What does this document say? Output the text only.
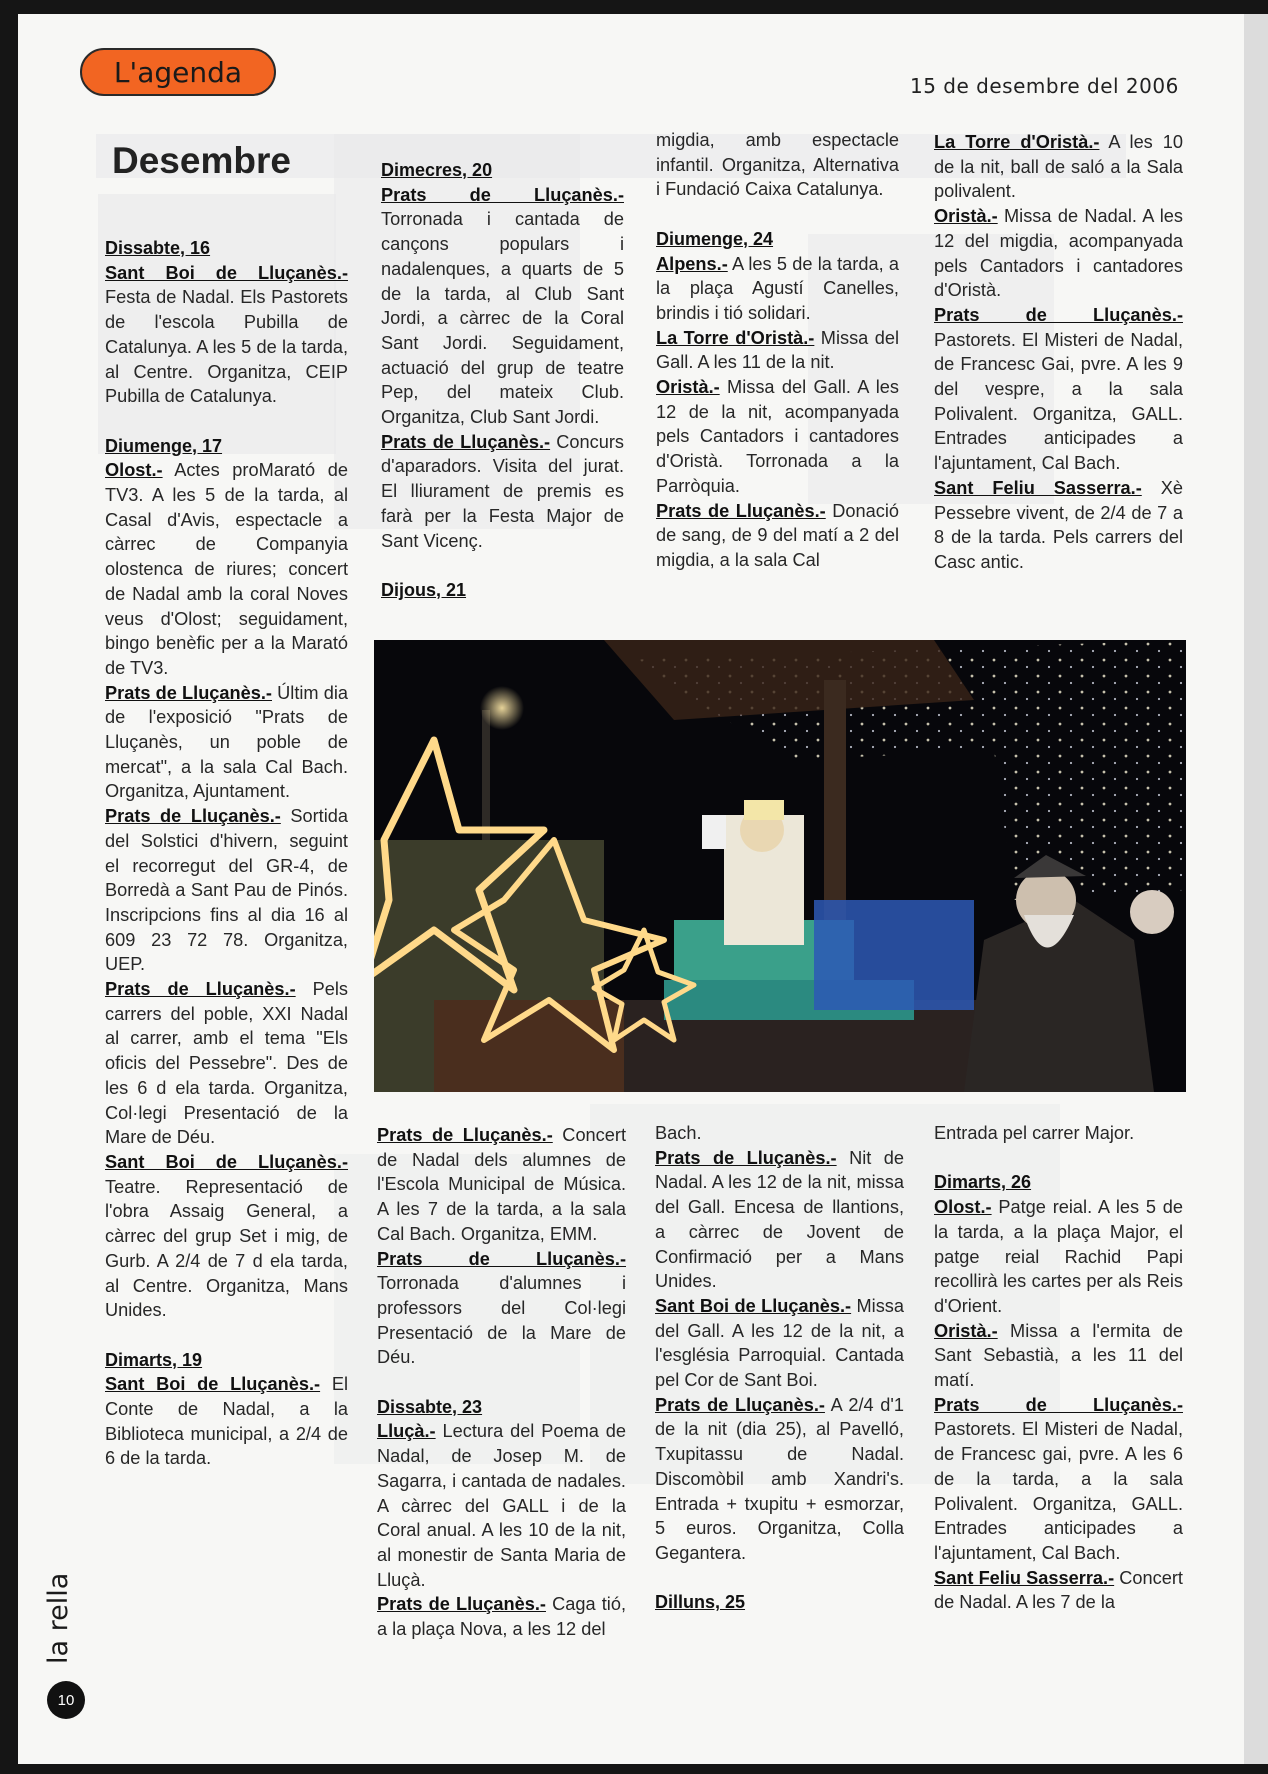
L'agenda	15 de desembre del 2006
Desembre
Dissabte, 16
Sant Boi de Lluçanès.- Festa de Nadal. Els Pastorets de l'escola Pubilla de Catalunya. A les 5 de la tarda, al Centre. Organitza, CEIP Pubilla de Catalunya.
Diumenge, 17
Olost.- Actes proMarató de TV3. A les 5 de la tarda, al Casal d'Avis, espectacle a càrrec de Companyia olostenca de riures; concert de Nadal amb la coral Noves veus d'Olost; seguidament, bingo benèfic per a la Marató de TV3.
Prats de Lluçanès.- Últim dia de l'exposició "Prats de Lluçanès, un poble de mercat", a la sala Cal Bach. Organitza, Ajuntament.
Prats de Lluçanès.- Sortida del Solstici d'hivern, seguint el recorregut del GR-4, de Borredà a Sant Pau de Pinós. Inscripcions fins al dia 16 al 609 23 72 78. Organitza, UEP.
Prats de Lluçanès.- Pels carrers del poble, XXI Nadal al carrer, amb el tema "Els oficis del Pessebre". Des de les 6 d ela tarda. Organitza, Col·legi Presentació de la Mare de Déu.
Sant Boi de Lluçanès.- Teatre. Representació de l'obra Assaig General, a càrrec del grup Set i mig, de Gurb. A 2/4 de 7 d ela tarda, al Centre. Organitza, Mans Unides.
Dimarts, 19
Sant Boi de Lluçanès.- El Conte de Nadal, a la Biblioteca municipal, a 2/4 de 6 de la tarda.
Dimecres, 20
Prats de Lluçanès.- Torronada i cantada de cançons populars i nadalenques, a quarts de 5 de la tarda, al Club Sant Jordi, a càrrec de la Coral Sant Jordi. Seguidament, actuació del grup de teatre Pep, del mateix Club. Organitza, Club Sant Jordi.
Prats de Lluçanès.- Concurs d'aparadors. Visita del jurat. El lliurament de premis es farà per la Festa Major de Sant Vicenç.
Dijous, 21
migdia, amb espectacle infantil. Organitza, Alternativa i Fundació Caixa Catalunya.
Diumenge, 24
Alpens.- A les 5 de la tarda, a la plaça Agustí Canelles, brindis i tió solidari.
La Torre d'Oristà.- Missa del Gall. A les 11 de la nit.
Oristà.- Missa del Gall. A les 12 de la nit, acompanyada pels Cantadors i cantadores d'Oristà. Torronada a la Parròquia.
Prats de Lluçanès.- Donació de sang, de 9 del matí a 2 del migdia, a la sala Cal
La Torre d'Oristà.- A les 10 de la nit, ball de saló a la Sala polivalent.
Oristà.- Missa de Nadal. A les 12 del migdia, acompanyada pels Cantadors i cantadores d'Oristà.
Prats de Lluçanès.- Pastorets. El Misteri de Nadal, de Francesc Gai, pvre. A les 9 del vespre, a la sala Polivalent. Organitza, GALL. Entrades anticipades a l'ajuntament, Cal Bach.
Sant Feliu Sasserra.- Xè Pessebre vivent, de 2/4 de 7 a 8 de la tarda. Pels carrers del Casc antic.
Prats de Lluçanès.- Concert de Nadal dels alumnes de l'Escola Municipal de Música. A les 7 de la tarda, a la sala Cal Bach. Organitza, EMM.
Prats de Lluçanès.- Torronada d'alumnes i professors del Col·legi Presentació de la Mare de Déu.
Dissabte, 23
Lluçà.- Lectura del Poema de Nadal, de Josep M. de Sagarra, i cantada de nadales. A càrrec del GALL i de la Coral anual. A les 10 de la nit, al monestir de Santa Maria de Lluçà.
Prats de Lluçanès.- Caga tió, a la plaça Nova, a les 12 del
Bach.
Prats de Lluçanès.- Nit de Nadal. A les 12 de la nit, missa del Gall. Encesa de llantions, a càrrec de Jovent de Confirmació per a Mans Unides.
Sant Boi de Lluçanès.- Missa del Gall. A les 12 de la nit, a l'església Parroquial. Cantada pel Cor de Sant Boi.
Prats de Lluçanès.- A 2/4 d'1 de la nit (dia 25), al Pavelló, Txupitassu de Nadal. Discomòbil amb Xandri's. Entrada + txupitu + esmorzar, 5 euros. Organitza, Colla Gegantera.
Dilluns, 25
Entrada pel carrer Major.
Dimarts, 26
Olost.- Patge reial. A les 5 de la tarda, a la plaça Major, el patge reial Rachid Papi recollirà les cartes per als Reis d'Orient.
Oristà.- Missa a l'ermita de Sant Sebastià, a les 11 del matí.
Prats de Lluçanès.- Pastorets. El Misteri de Nadal, de Francesc gai, pvre. A les 6 de la tarda, a la sala Polivalent. Organitza, GALL. Entrades anticipades a l'ajuntament, Cal Bach.
Sant Feliu Sasserra.- Concert de Nadal. A les 7 de la
la rella
10
